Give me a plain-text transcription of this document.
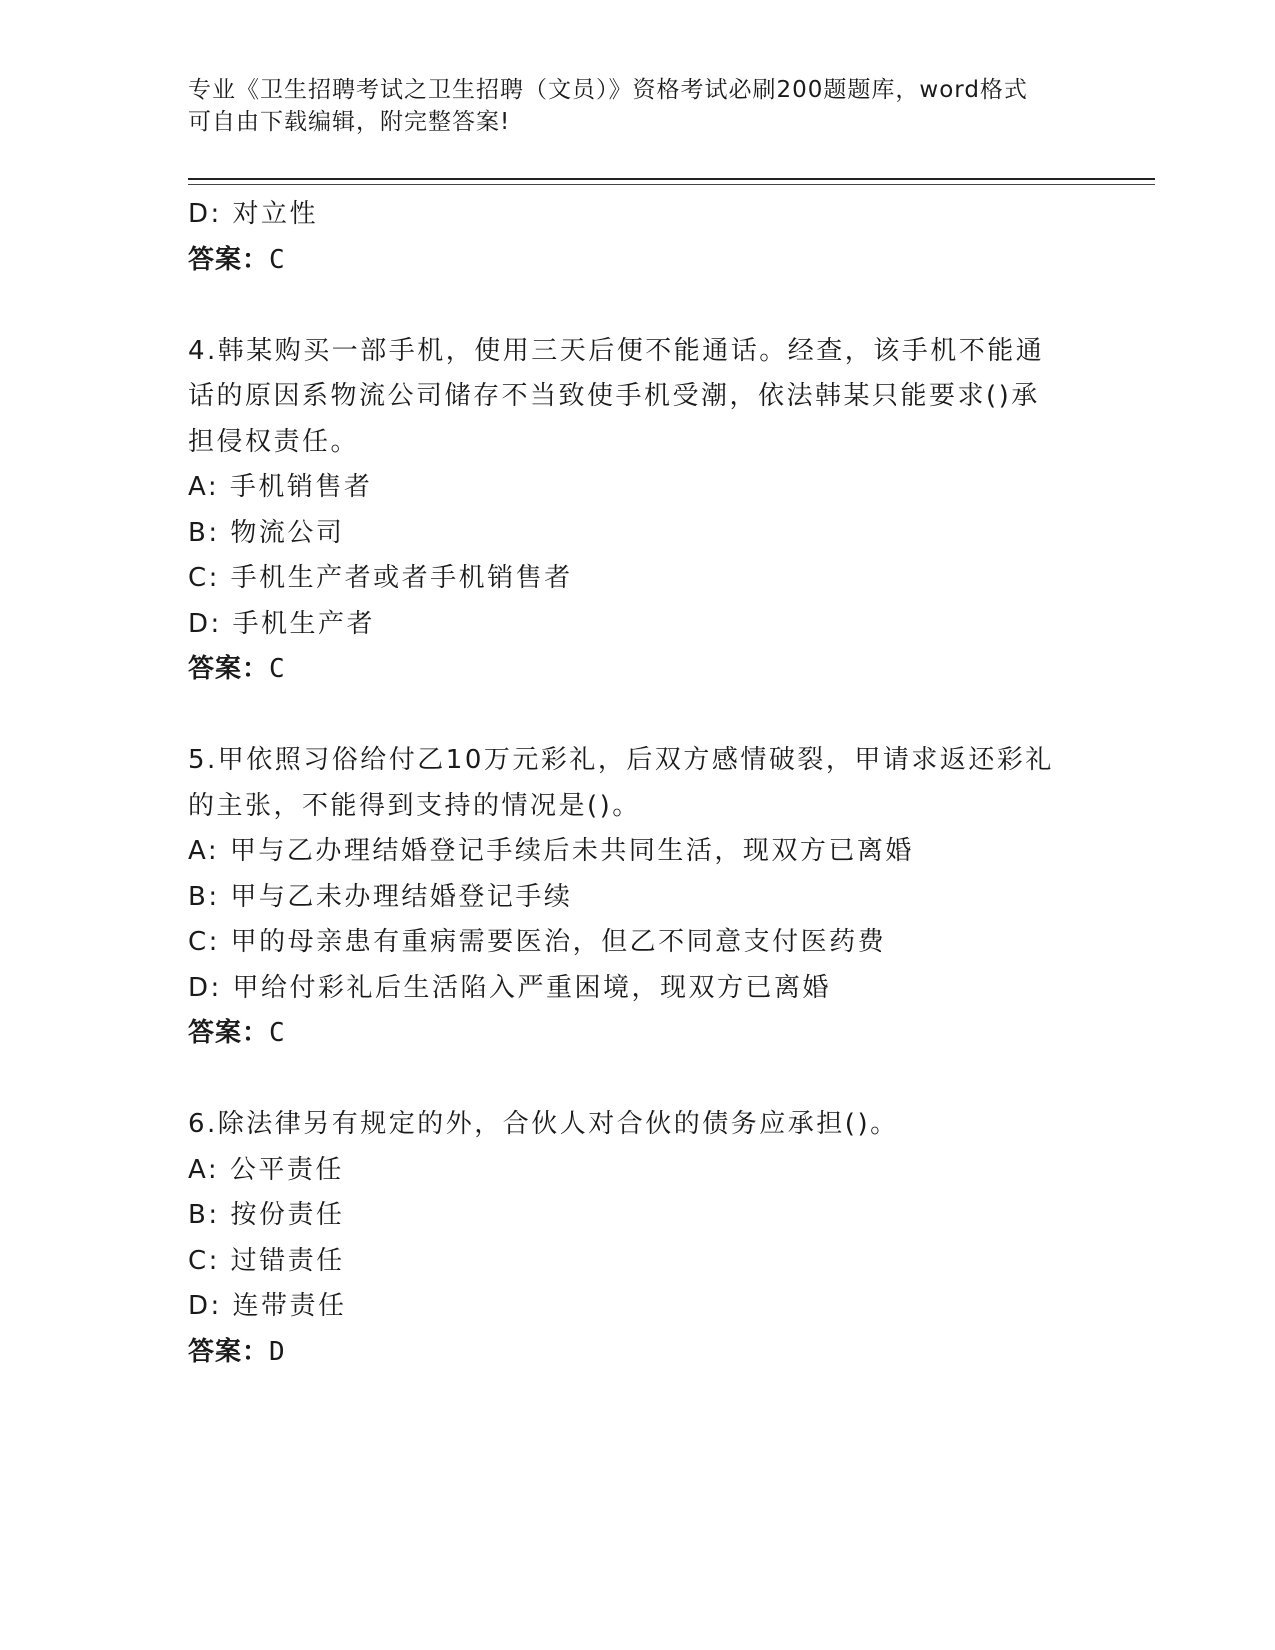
专业《卫生招聘考试之卫生招聘（文员）》资格考试必刷200题题库，word格式
可自由下载编辑，附完整答案!
D: 对立性
答案：C
4.韩某购买一部手机，使用三天后便不能通话。经查，该手机不能通
话的原因系物流公司储存不当致使手机受潮，依法韩某只能要求()承
担侵权责任。
A: 手机销售者
B: 物流公司
C: 手机生产者或者手机销售者
D: 手机生产者
答案：C
5.甲依照习俗给付乙10万元彩礼，后双方感情破裂，甲请求返还彩礼
的主张，不能得到支持的情况是()。
A: 甲与乙办理结婚登记手续后未共同生活，现双方已离婚
B: 甲与乙未办理结婚登记手续
C: 甲的母亲患有重病需要医治，但乙不同意支付医药费
D: 甲给付彩礼后生活陷入严重困境，现双方已离婚
答案：C
6.除法律另有规定的外，合伙人对合伙的债务应承担()。
A: 公平责任
B: 按份责任
C: 过错责任
D: 连带责任
答案：D
